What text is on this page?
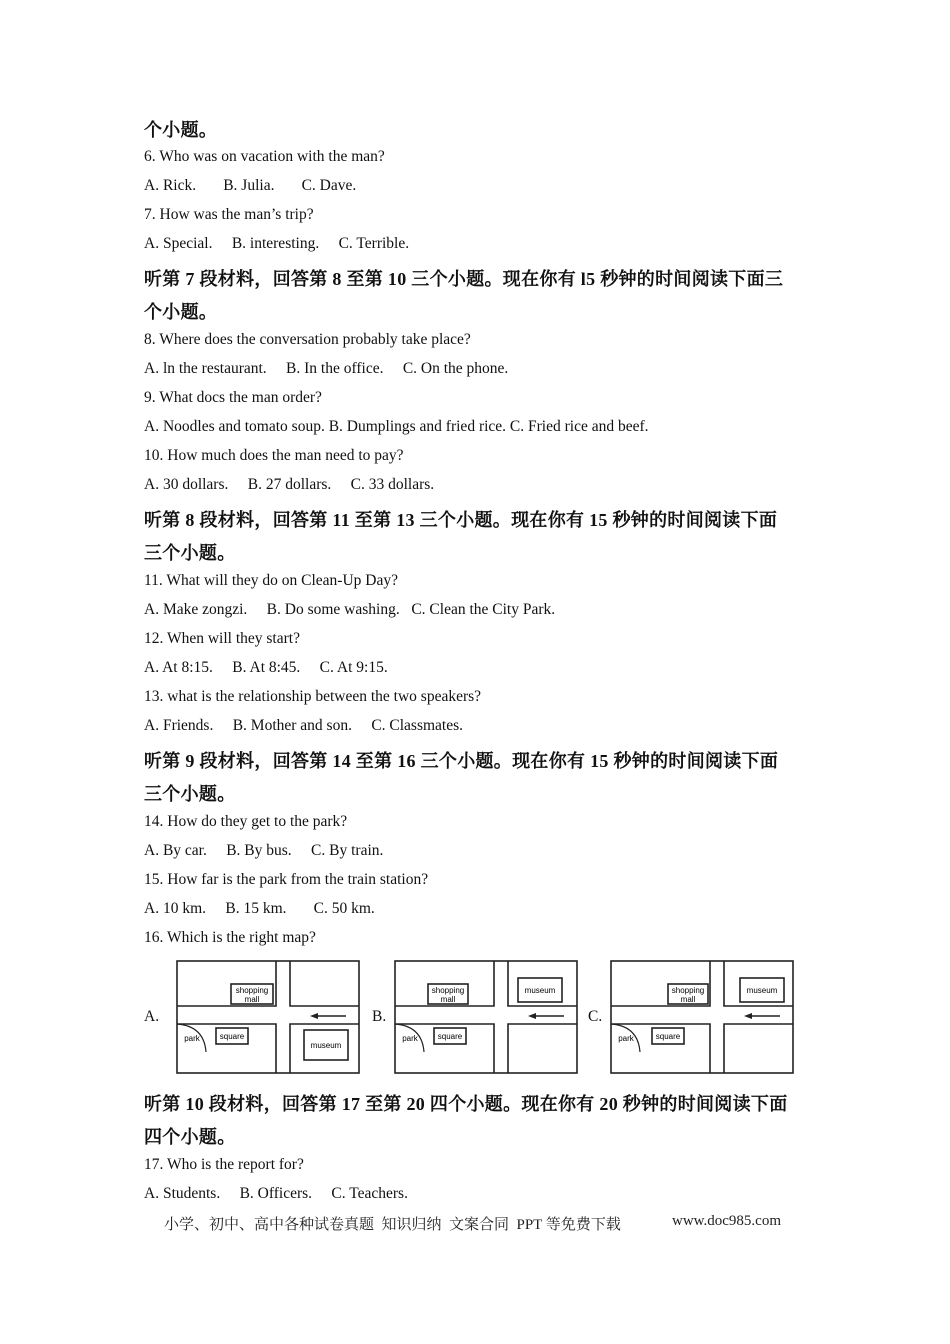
个小题。
6. Who was on vacation with the man?
A. Rick.       B. Julia.       C. Dave.
7. How was the man’s trip?
A. Special.     B. interesting.     C. Terrible.
听第 7 段材料，回答第 8 至第 10 三个小题。现在你有 l5 秒钟的时间阅读下面三
个小题。
8. Where does the conversation probably take place?
A. ln the restaurant.     B. In the office.     C. On the phone.
9. What docs the man order?
A. Noodles and tomato soup. B. Dumplings and fried rice. C. Fried rice and beef.
10. How much does the man need to pay?
A. 30 dollars.     B. 27 dollars.     C. 33 dollars.
听第 8 段材料，回答第 11 至第 13 三个小题。现在你有 15 秒钟的时间阅读下面
三个小题。
11. What will they do on Clean-Up Day?
A. Make zongzi.     B. Do some washing.   C. Clean the City Park.
12. When will they start?
A. At 8:15.     B. At 8:45.     C. At 9:15.
13. what is the relationship between the two speakers?
A. Friends.     B. Mother and son.     C. Classmates.
听第 9 段材料，回答第 14 至第 16 三个小题。现在你有 15 秒钟的时间阅读下面
三个小题。
14. How do they get to the park?
A. By car.     B. By bus.     C. By train.
15. How far is the park from the train station?
A. 10 km.     B. 15 km.       C. 50 km.
16. Which is the right map?
A.
shopping
mall
square
park
museum
B.
shopping
mall
square
park
museum
C.
shopping
mall
square
park
museum
听第 10 段材料，回答第 17 至第 20 四个小题。现在你有 20 秒钟的时间阅读下面
四个小题。
17. Who is the report for?
A. Students.     B. Officers.     C. Teachers.
小学、初中、高中各种试卷真题  知识归纳  文案合同  PPT 等免费下载	www.doc985.com
